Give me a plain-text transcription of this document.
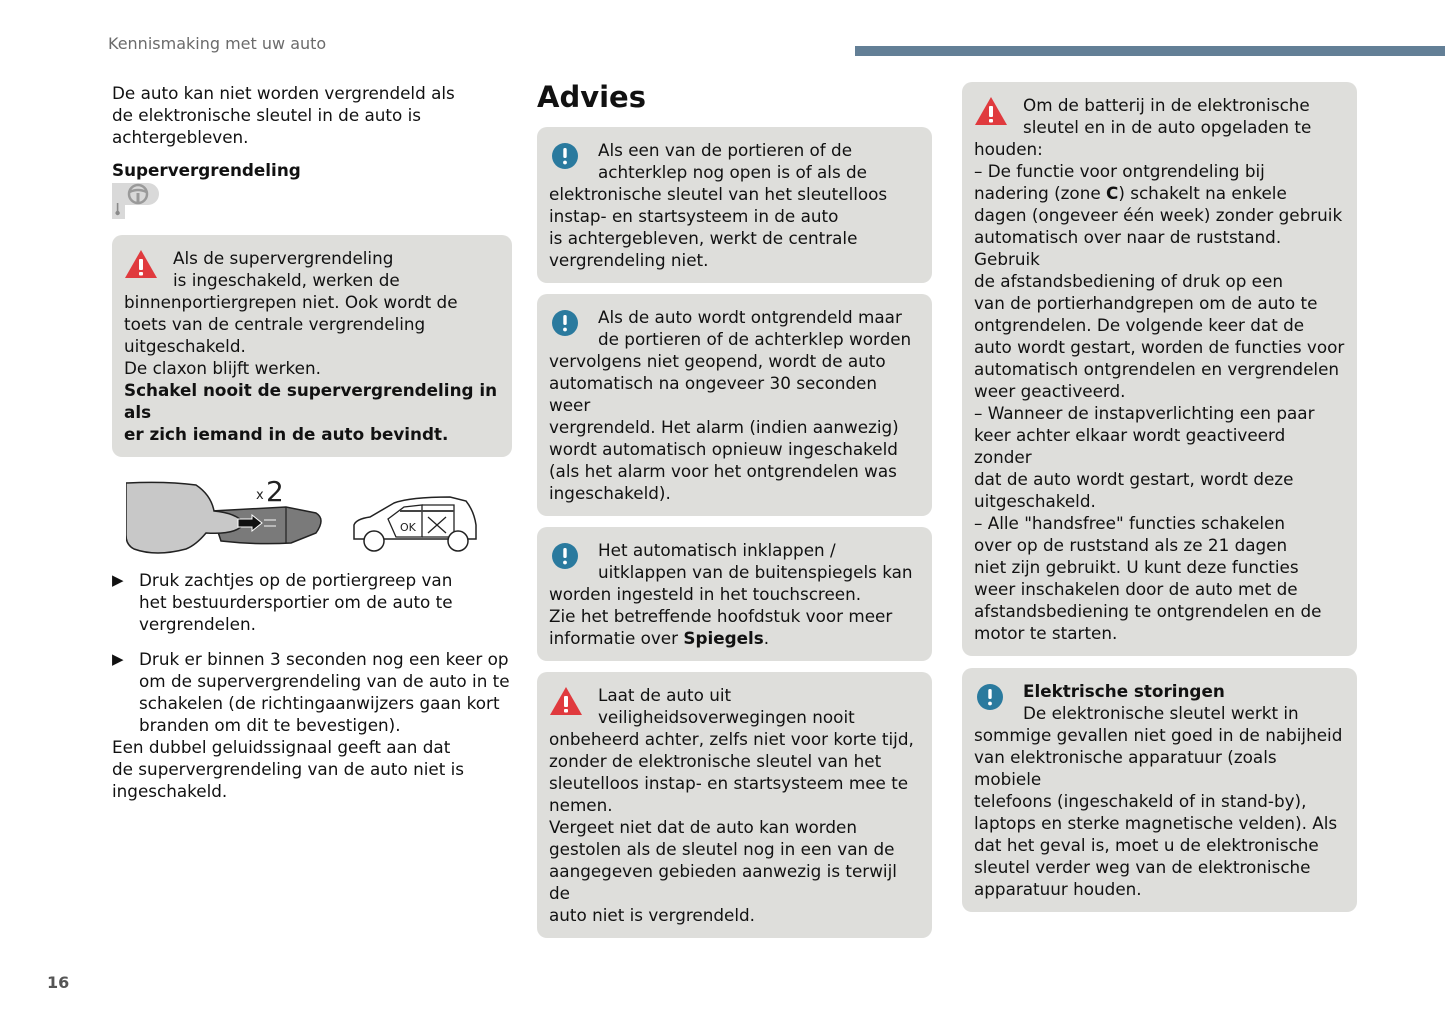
Kennismaking met uw auto

De auto kan niet worden vergrendeld als
de elektronische sleutel in de auto is
achtergebleven.

Supervergrendeling
Als de supervergrendeling
is ingeschakeld, werken de
binnenportiergrepen niet. Ook wordt de
toets van de centrale vergrendeling
uitgeschakeld.
De claxon blijft werken.
Schakel nooit de supervergrendeling in als
er zich iemand in de auto bevindt.
x 2
OK
▶ Druk zachtjes op de portiergreep van
het bestuurdersportier om de auto te
vergrendelen.
▶ Druk er binnen 3 seconden nog een keer op
om de supervergrendeling van de auto in te
schakelen (de richtingaanwijzers gaan kort
branden om dit te bevestigen).

Een dubbel geluidssignaal geeft aan dat
de supervergrendeling van de auto niet is
ingeschakeld.

Advies
Als een van de portieren of de
achterklep nog open is of als de
elektronische sleutel van het sleutelloos
instap- en startsysteem in de auto
is achtergebleven, werkt de centrale
vergrendeling niet.
Als de auto wordt ontgrendeld maar
de portieren of de achterklep worden
vervolgens niet geopend, wordt de auto
automatisch na ongeveer 30 seconden weer
vergrendeld. Het alarm (indien aanwezig)
wordt automatisch opnieuw ingeschakeld
(als het alarm voor het ontgrendelen was
ingeschakeld).
Het automatisch inklappen /
uitklappen van de buitenspiegels kan
worden ingesteld in het touchscreen.
Zie het betreffende hoofdstuk voor meer
informatie over Spiegels.
Laat de auto uit
veiligheidsoverwegingen nooit
onbeheerd achter, zelfs niet voor korte tijd,
zonder de elektronische sleutel van het
sleutelloos instap- en startsysteem mee te
nemen.
Vergeet niet dat de auto kan worden
gestolen als de sleutel nog in een van de
aangegeven gebieden aanwezig is terwijl de
auto niet is vergrendeld.
Om de batterij in de elektronische
sleutel en in de auto opgeladen te
houden:
– De functie voor ontgrendeling bij
nadering (zone C) schakelt na enkele
dagen (ongeveer één week) zonder gebruik
automatisch over naar de ruststand. Gebruik
de afstandsbediening of druk op een
van de portierhandgrepen om de auto te
ontgrendelen. De volgende keer dat de
auto wordt gestart, worden de functies voor
automatisch ontgrendelen en vergrendelen
weer geactiveerd.
– Wanneer de instapverlichting een paar
keer achter elkaar wordt geactiveerd zonder
dat de auto wordt gestart, wordt deze
uitgeschakeld.
– Alle "handsfree" functies schakelen
over op de ruststand als ze 21 dagen
niet zijn gebruikt. U kunt deze functies
weer inschakelen door de auto met de
afstandsbediening te ontgrendelen en de
motor te starten.
Elektrische storingen
De elektronische sleutel werkt in
sommige gevallen niet goed in de nabijheid
van elektronische apparatuur (zoals mobiele
telefoons (ingeschakeld of in stand-by),
laptops en sterke magnetische velden). Als
dat het geval is, moet u de elektronische
sleutel verder weg van de elektronische
apparatuur houden.
16
